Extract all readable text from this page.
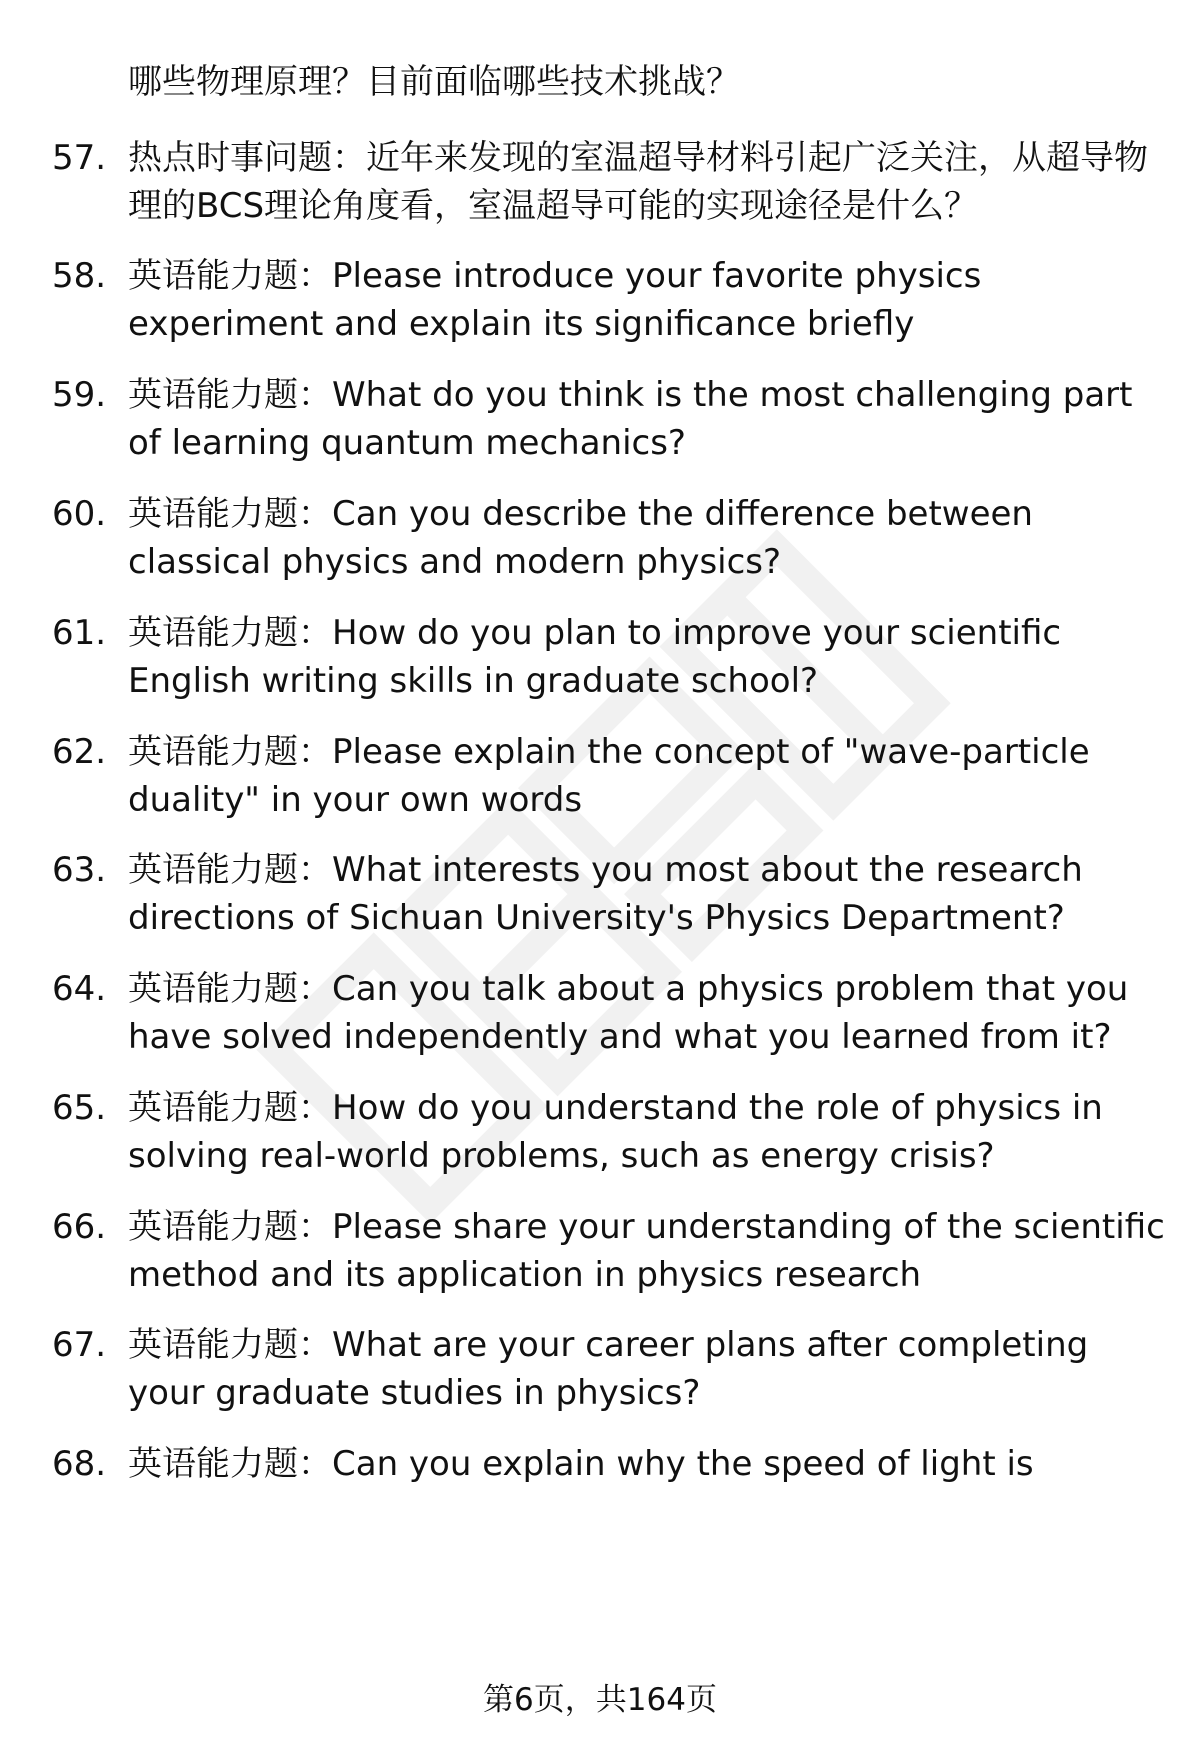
哪些物理原理？目前面临哪些技术挑战？
57. 热点时事问题：近年来发现的室温超导材料引起广泛关注，从超导物理的BCS理论角度看，室温超导可能的实现途径是什么？
58. 英语能力题：Please introduce your favorite physics experiment and explain its significance briefly
59. 英语能力题：What do you think is the most challenging part of learning quantum mechanics?
60. 英语能力题：Can you describe the difference between classical physics and modern physics?
61. 英语能力题：How do you plan to improve your scientific English writing skills in graduate school?
62. 英语能力题：Please explain the concept of "wave-particle duality" in your own words
63. 英语能力题：What interests you most about the research directions of Sichuan University's Physics Department?
64. 英语能力题：Can you talk about a physics problem that you have solved independently and what you learned from it?
65. 英语能力题：How do you understand the role of physics in solving real-world problems, such as energy crisis?
66. 英语能力题：Please share your understanding of the scientific method and its application in physics research
67. 英语能力题：What are your career plans after completing your graduate studies in physics?
68. 英语能力题：Can you explain why the speed of light is
第6页，共164页
